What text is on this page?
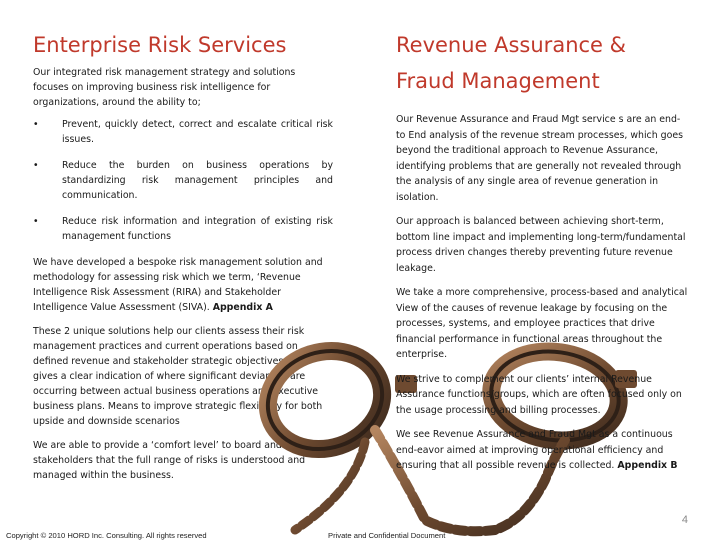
Enterprise Risk Services

Our integrated risk management strategy and solutions focuses on improving business risk intelligence for organizations, around the ability to;

• Prevent, quickly detect, correct and escalate critical risk issues.
• Reduce the burden on business operations by standardizing risk management principles and communication.
• Reduce risk information and integration of existing risk management functions

We have developed a bespoke risk management solution and methodology for assessing risk which we term, ‘Revenue Intelligence Risk Assessment (RIRA) and Stakeholder Intelligence Value Assessment (SIVA). Appendix A

These 2 unique solutions help our clients assess their risk management practices and current operations based on defined revenue and stakeholder strategic objectives. This gives a clear indication of where significant deviances are occurring between actual business operations and executive business plans. Means to improve strategic flexibility for both upside and downside scenarios

We are able to provide a ‘comfort level’ to board and other key stakeholders that the full range of risks is understood and managed within the business.

Revenue Assurance &
Fraud Management

Our Revenue Assurance and Fraud Mgt service s are an end-to End analysis of the revenue stream processes, which goes beyond the traditional approach to Revenue Assurance, identifying problems that are generally not revealed through the analysis of any single area of revenue generation in isolation.

Our approach is balanced between achieving short-term, bottom line impact and implementing long-term/fundamental process driven changes thereby preventing future revenue leakage.

We take a more comprehensive, process-based and analytical View of the causes of revenue leakage by focusing on the processes, systems, and employee practices that drive financial performance in functional areas throughout the enterprise.

We strive to complement our clients’ internal Revenue Assurance functions/groups, which are often focused only on the usage processing and billing processes.

We see Revenue Assurance and Fraud Mgt as a continuous end-eavor aimed at improving operational efficiency and ensuring that all possible revenue is collected. Appendix B

4
Copyright © 2010 HORD Inc. Consulting. All rights reserved	Private and Confidential Document
